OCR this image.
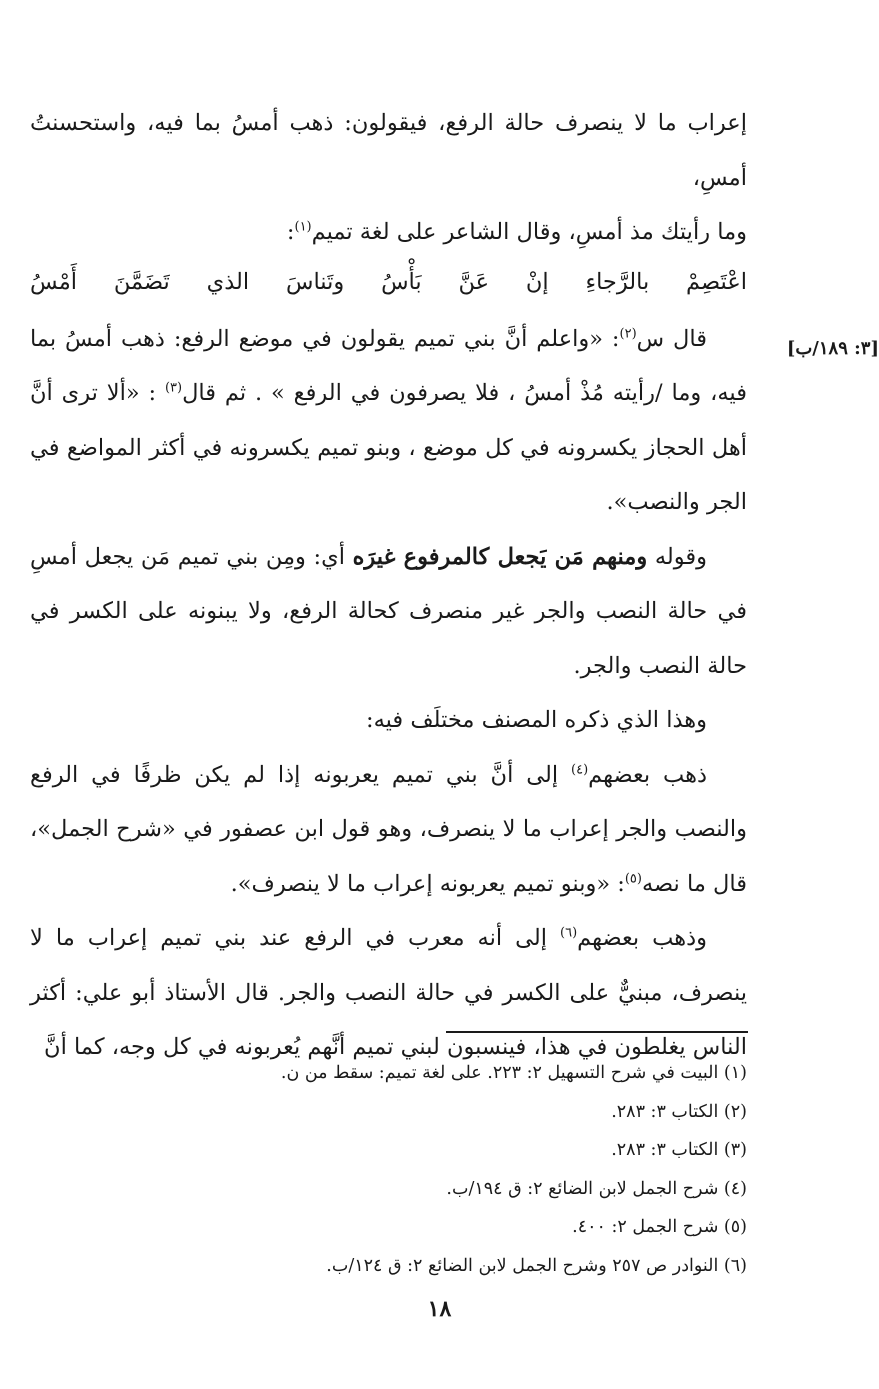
[٣: ١٨٩/ب]

إعراب ما لا ينصرف حالة الرفع، فيقولون: ذهب أمسُ بما فيه، واستحسنتُ أمسِ،

وما رأيتك مذ أمسِ، وقال الشاعر على لغة تميم$^{(١)}$:

اعْتَصِمْ
بالرَّجاءِ
إنْ
عَنَّ
بَأْسُ
وتَناسَ
الذي
تَضَمَّنَ
أَمْسُ

قال س$^{(٢)}$: «واعلم أنَّ بني تميم يقولون في موضع الرفع: ذهب أمسُ بما فيه، وما /رأيته مُذْ أمسُ ، فلا يصرفون في الرفع » . ثم قال$^{(٣)}$ : «ألا ترى أنَّ أهل الحجاز يكسرونه في كل موضع ، وبنو تميم يكسرونه في أكثر المواضع في الجر والنصب».

وقوله ومنهم مَن يَجعل كالمرفوع غيرَه أي: ومِن بني تميم مَن يجعل أمسِ في حالة النصب والجر غير منصرف كحالة الرفع، ولا يبنونه على الكسر في حالة النصب والجر.

وهذا الذي ذكره المصنف مختلَف فيه:

ذهب بعضهم$^{(٤)}$ إلى أنَّ بني تميم يعربونه إذا لم يكن ظرفًا في الرفع والنصب والجر إعراب ما لا ينصرف، وهو قول ابن عصفور في «شرح الجمل»، قال ما نصه$^{(٥)}$: «وبنو تميم يعربونه إعراب ما لا ينصرف».

وذهب بعضهم$^{(٦)}$ إلى أنه معرب في الرفع عند بني تميم إعراب ما لا ينصرف، مبنيٌّ على الكسر في حالة النصب والجر. قال الأستاذ أبو علي: أكثر الناس يغلطون في هذا، فينسبون لبني تميم أنَّهم يُعربونه في كل وجه، كما أنَّ

(١) البيت في شرح التسهيل ٢: ٢٢٣. على لغة تميم: سقط من ن.
(٢) الكتاب ٣: ٢٨٣.
(٣) الكتاب ٣: ٢٨٣.
(٤) شرح الجمل لابن الضائع ٢: ق ١٩٤/ب.
(٥) شرح الجمل ٢: ٤٠٠.
(٦) النوادر ص ٢٥٧ وشرح الجمل لابن الضائع ٢: ق ١٢٤/ب.
١٨
